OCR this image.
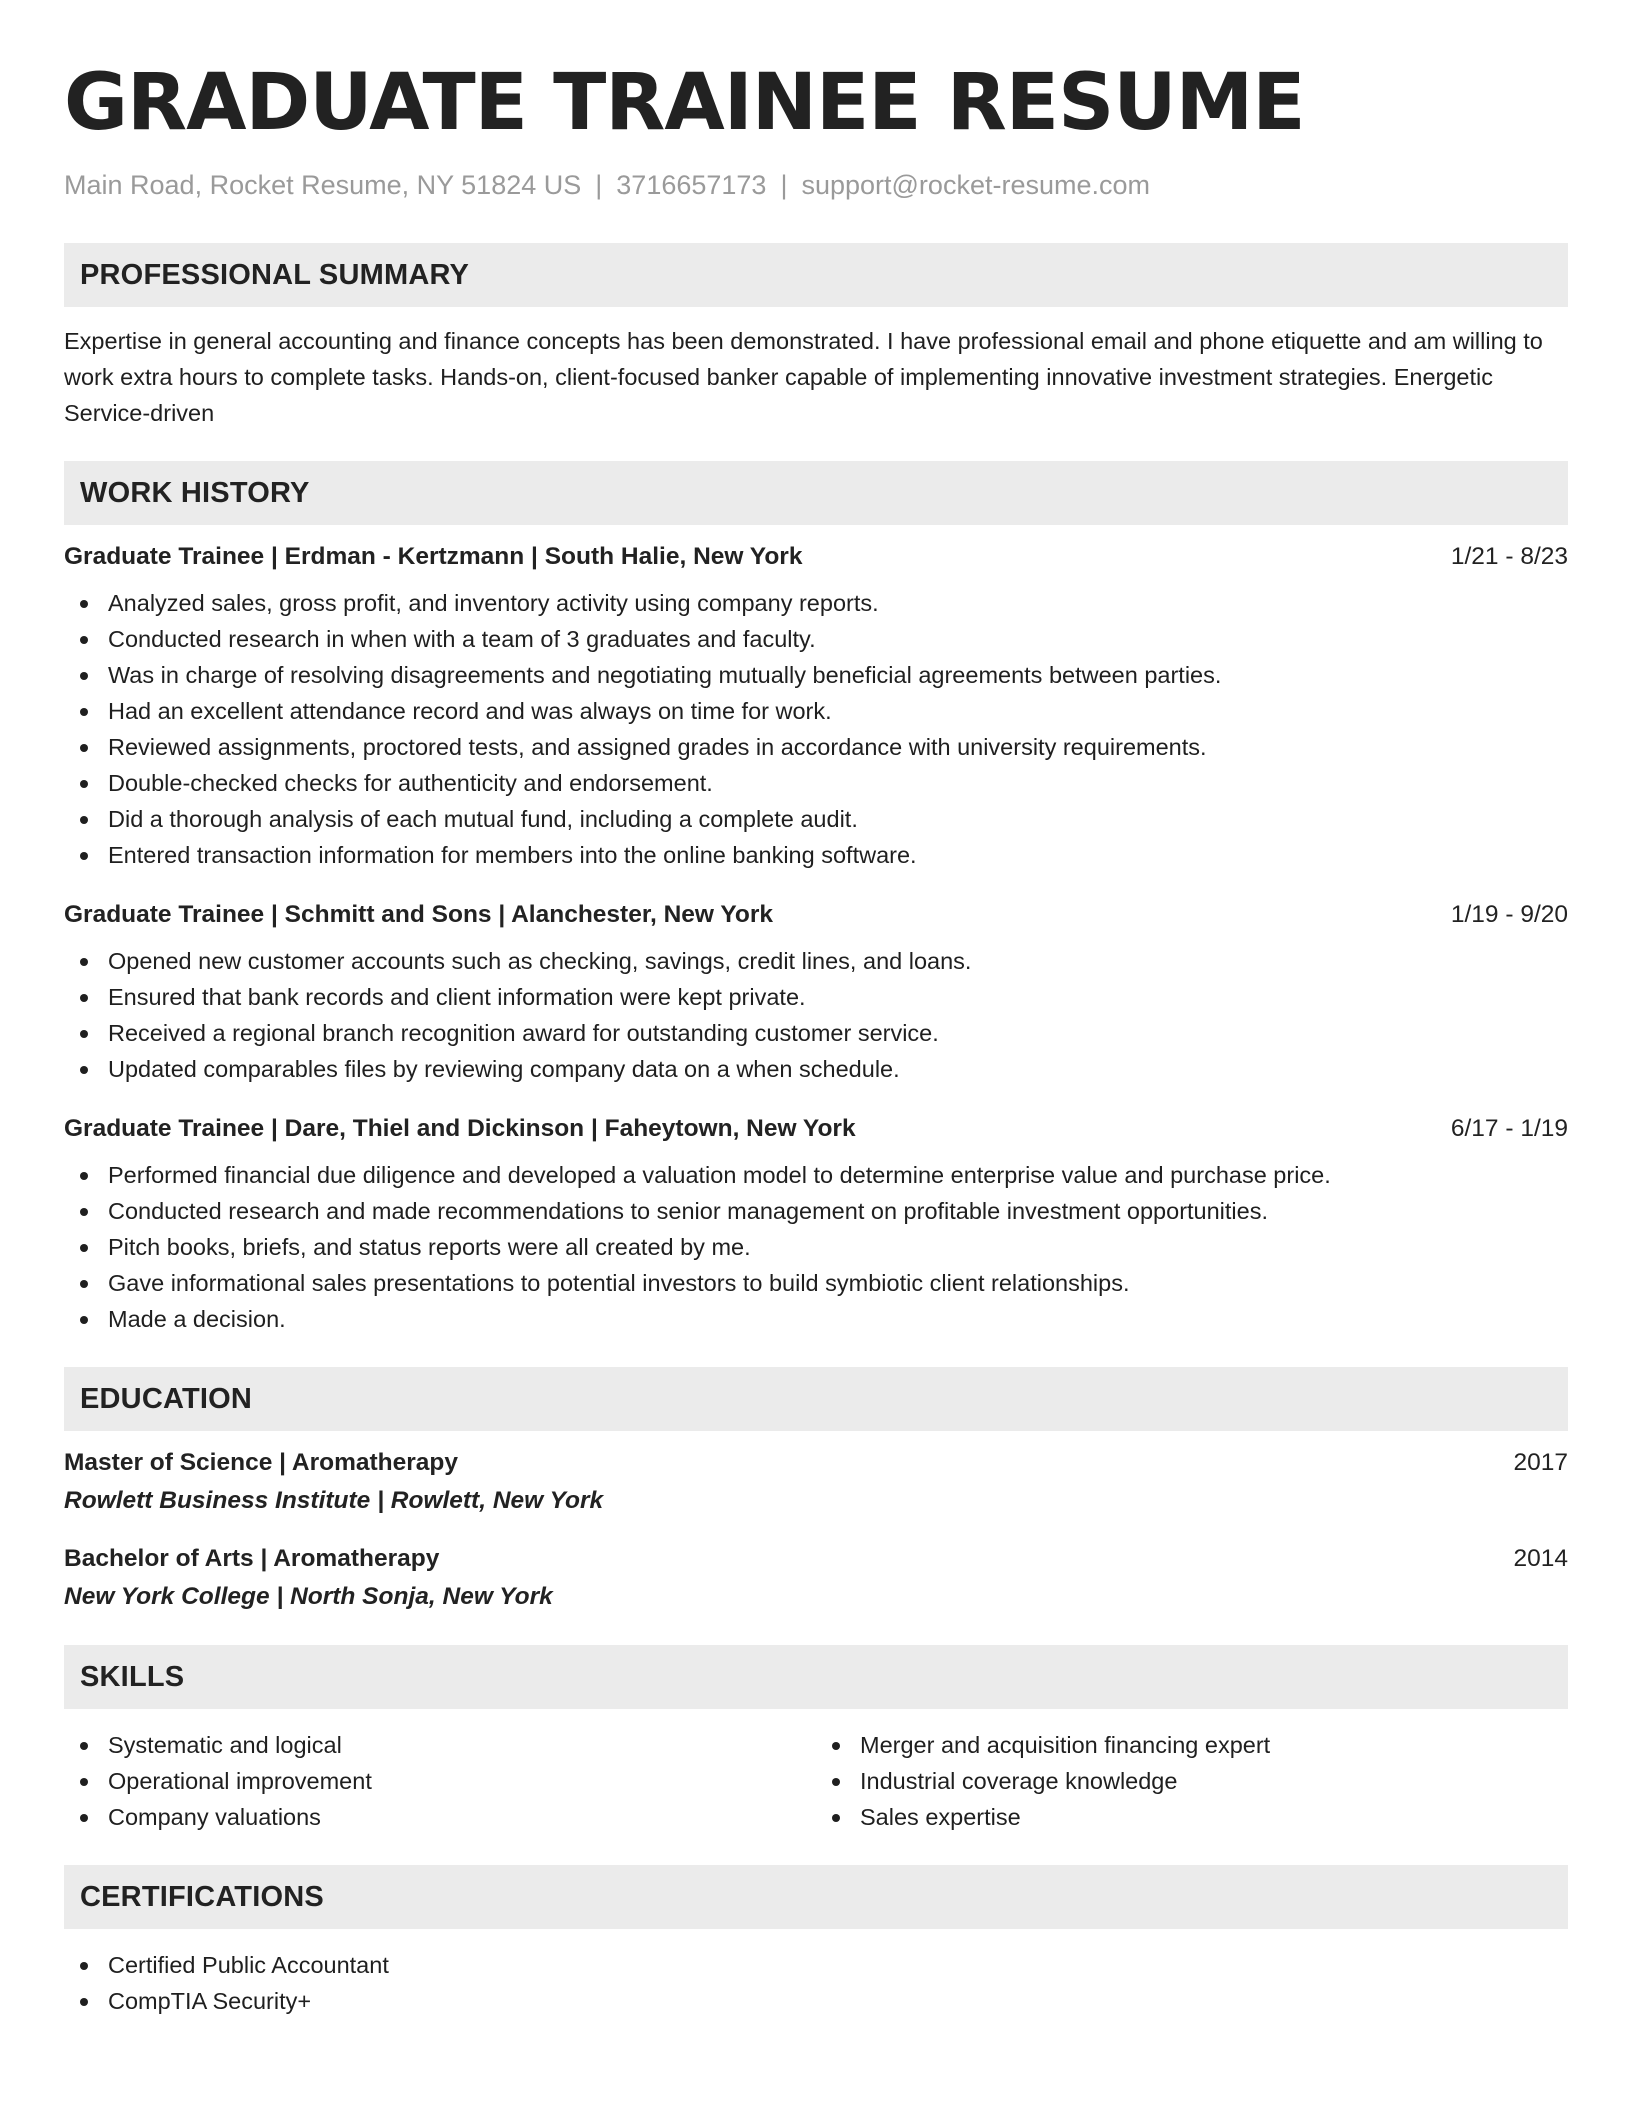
GRADUATE TRAINEE RESUME
Main Road, Rocket Resume, NY 51824 US | 3716657173 | support@rocket-resume.com
PROFESSIONAL SUMMARY

Expertise in general accounting and finance concepts has been demonstrated. I have professional email and phone etiquette and am willing to work extra hours to complete tasks. Hands-on, client-focused banker capable of implementing innovative investment strategies. Energetic Service-driven

WORK HISTORY
Graduate Trainee | Erdman - Kertzmann | South Halie, New York	1/21 - 8/23
Analyzed sales, gross profit, and inventory activity using company reports.
Conducted research in when with a team of 3 graduates and faculty.
Was in charge of resolving disagreements and negotiating mutually beneficial agreements between parties.
Had an excellent attendance record and was always on time for work.
Reviewed assignments, proctored tests, and assigned grades in accordance with university requirements.
Double-checked checks for authenticity and endorsement.
Did a thorough analysis of each mutual fund, including a complete audit.
Entered transaction information for members into the online banking software.
Graduate Trainee | Schmitt and Sons | Alanchester, New York	1/19 - 9/20
Opened new customer accounts such as checking, savings, credit lines, and loans.
Ensured that bank records and client information were kept private.
Received a regional branch recognition award for outstanding customer service.
Updated comparables files by reviewing company data on a when schedule.
Graduate Trainee | Dare, Thiel and Dickinson | Faheytown, New York	6/17 - 1/19
Performed financial due diligence and developed a valuation model to determine enterprise value and purchase price.
Conducted research and made recommendations to senior management on profitable investment opportunities.
Pitch books, briefs, and status reports were all created by me.
Gave informational sales presentations to potential investors to build symbiotic client relationships.
Made a decision.
EDUCATION
Master of Science | Aromatherapy	2017
Rowlett Business Institute | Rowlett, New York
Bachelor of Arts | Aromatherapy	2014
New York College | North Sonja, New York
SKILLS
Systematic and logical
Operational improvement
Company valuations
Merger and acquisition financing expert
Industrial coverage knowledge
Sales expertise
CERTIFICATIONS
Certified Public Accountant
CompTIA Security+
